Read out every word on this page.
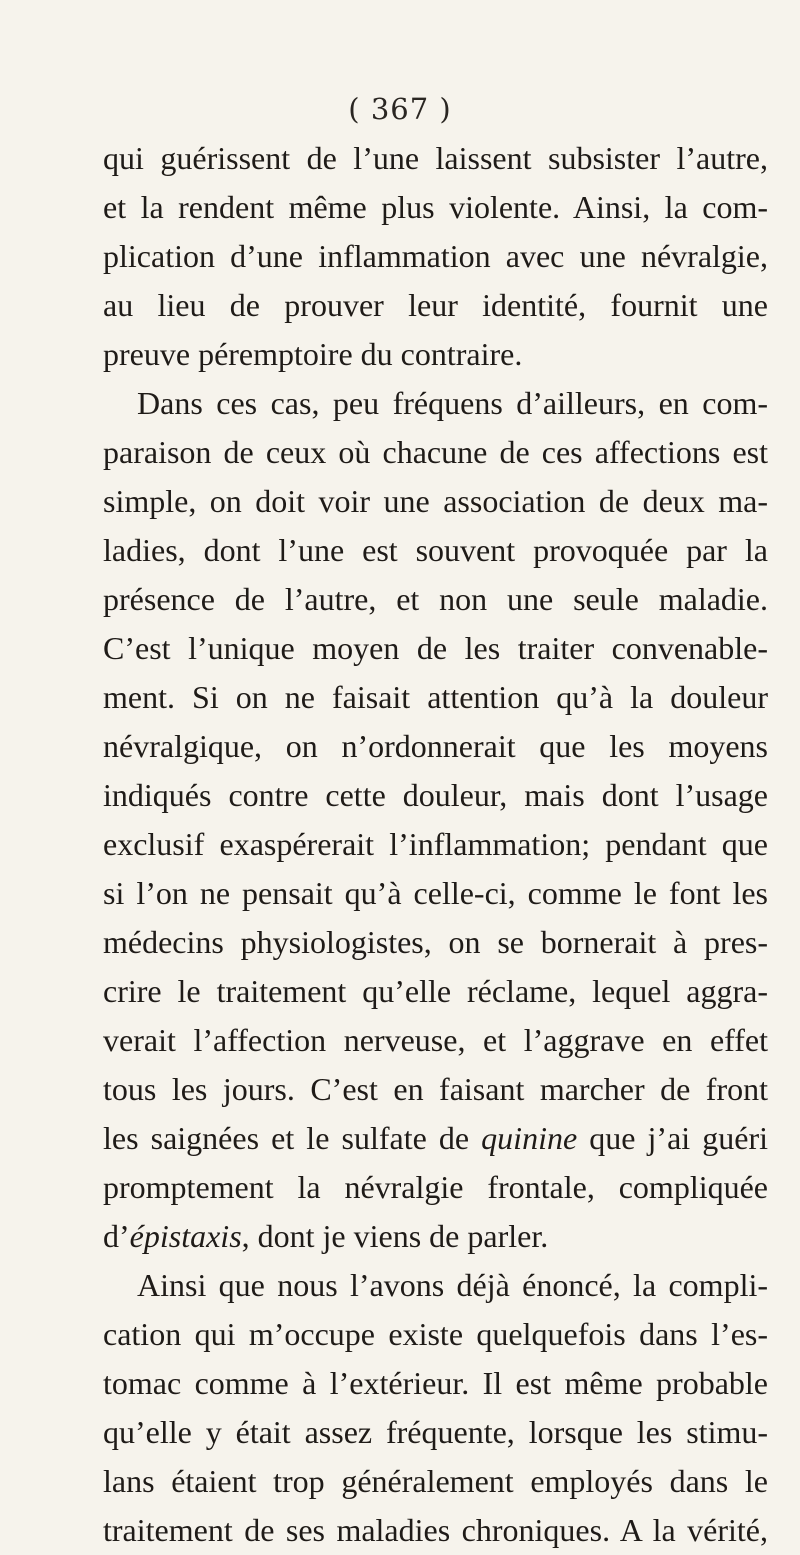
( 367 )
qui guérissent de l’une laissent subsister l’autre,
et la rendent même plus violente. Ainsi, la com-
plication d’une inflammation avec une névralgie,
au lieu de prouver leur identité, fournit une
preuve péremptoire du contraire.
Dans ces cas, peu fréquens d’ailleurs, en com-
paraison de ceux où chacune de ces affections est
simple, on doit voir une association de deux ma-
ladies, dont l’une est souvent provoquée par la
présence de l’autre, et non une seule maladie.
C’est l’unique moyen de les traiter convenable-
ment. Si on ne faisait attention qu’à la douleur
névralgique, on n’ordonnerait que les moyens
indiqués contre cette douleur, mais dont l’usage
exclusif exaspérerait l’inflammation; pendant que
si l’on ne pensait qu’à celle-ci, comme le font les
médecins physiologistes, on se bornerait à pres-
crire le traitement qu’elle réclame, lequel aggra-
verait l’affection nerveuse, et l’aggrave en effet
tous les jours. C’est en faisant marcher de front
les saignées et le sulfate de quinine que j’ai guéri
promptement la névralgie frontale, compliquée
d’épistaxis, dont je viens de parler.
Ainsi que nous l’avons déjà énoncé, la compli-
cation qui m’occupe existe quelquefois dans l’es-
tomac comme à l’extérieur. Il est même probable
qu’elle y était assez fréquente, lorsque les stimu-
lans étaient trop généralement employés dans le
traitement de ses maladies chroniques. A la vérité,
